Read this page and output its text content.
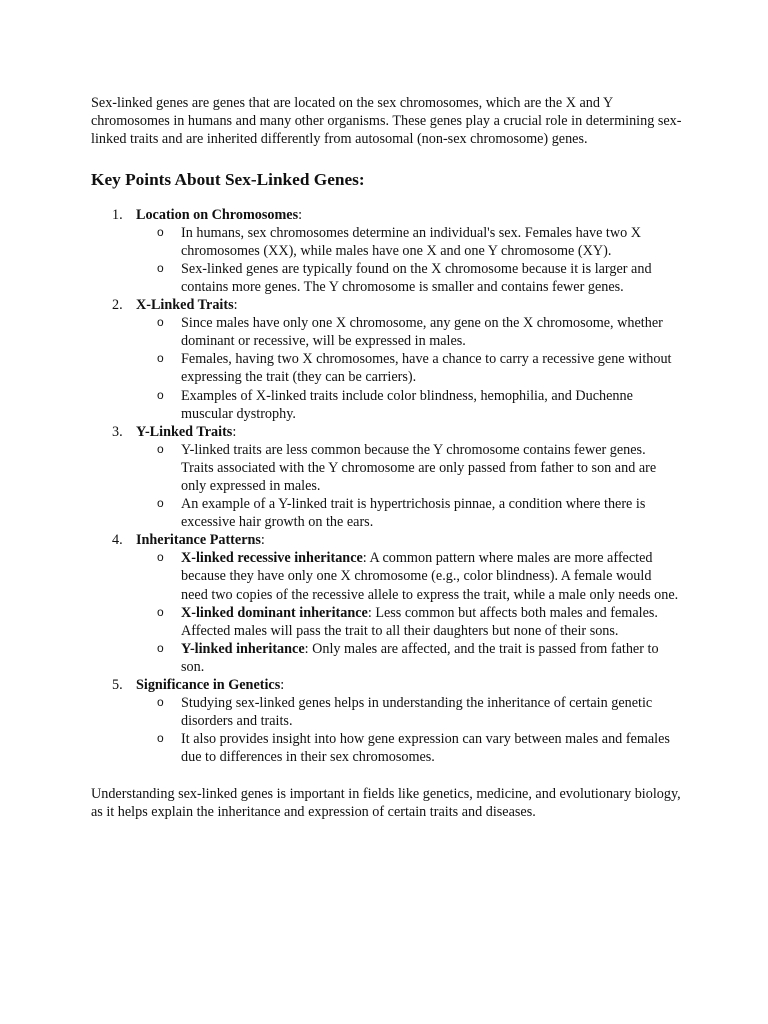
Sex-linked genes are genes that are located on the sex chromosomes, which are the X and Y chromosomes in humans and many other organisms. These genes play a crucial role in determining sex-linked traits and are inherited differently from autosomal (non-sex chromosome) genes.

Key Points About Sex-Linked Genes:
1. Location on Chromosomes:
o In humans, sex chromosomes determine an individual's sex. Females have two X chromosomes (XX), while males have one X and one Y chromosome (XY).
o Sex-linked genes are typically found on the X chromosome because it is larger and contains more genes. The Y chromosome is smaller and contains fewer genes.
2. X-Linked Traits:
o Since males have only one X chromosome, any gene on the X chromosome, whether dominant or recessive, will be expressed in males.
o Females, having two X chromosomes, have a chance to carry a recessive gene without expressing the trait (they can be carriers).
o Examples of X-linked traits include color blindness, hemophilia, and Duchenne muscular dystrophy.
3. Y-Linked Traits:
o Y-linked traits are less common because the Y chromosome contains fewer genes. Traits associated with the Y chromosome are only passed from father to son and are only expressed in males.
o An example of a Y-linked trait is hypertrichosis pinnae, a condition where there is excessive hair growth on the ears.
4. Inheritance Patterns:
o X-linked recessive inheritance: A common pattern where males are more affected because they have only one X chromosome (e.g., color blindness). A female would need two copies of the recessive allele to express the trait, while a male only needs one.
o X-linked dominant inheritance: Less common but affects both males and females. Affected males will pass the trait to all their daughters but none of their sons.
o Y-linked inheritance: Only males are affected, and the trait is passed from father to son.
5. Significance in Genetics:
o Studying sex-linked genes helps in understanding the inheritance of certain genetic disorders and traits.
o It also provides insight into how gene expression can vary between males and females due to differences in their sex chromosomes.

Understanding sex-linked genes is important in fields like genetics, medicine, and evolutionary biology, as it helps explain the inheritance and expression of certain traits and diseases.
